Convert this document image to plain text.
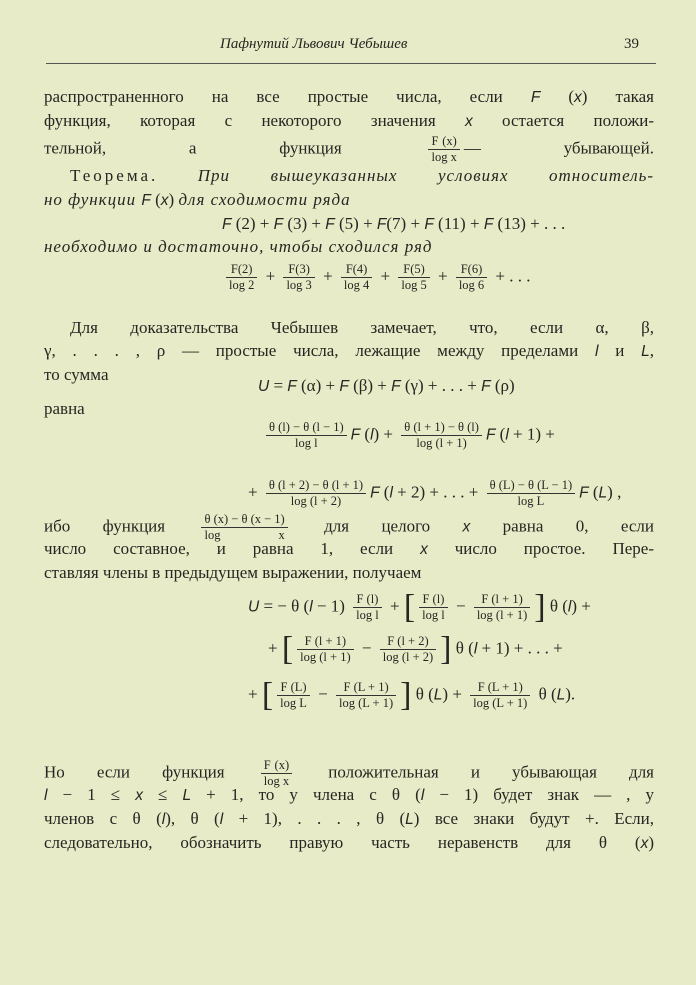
Пафнутий Львович Чебышев	39
распространенного на все простые числа, если F (x) такая
функция, которая с некоторого значения x остается положи-
тельной, а функция $\frac{F (x)}{\text{log x}}$ — убывающей.
Теорема. При вышеуказанных условиях относитель-
но функции F (x) для сходимости ряда
F (2) + F (3) + F (5) + F(7) + F (11) + F (13) + . . .
необходимо и достаточно, чтобы сходился ряд
$\frac{F(2)}{\log 2} + \frac{F(3)}{\log 3} + \frac{F(4)}{\log 4} + \frac{F(5)}{\log 5} + \frac{F(6)}{\log 6}$ + . . .
Для доказательства Чебышев замечает, что, если α, β,
γ, . . . , ρ — простые числа, лежащие между пределами l и L,
то сумма
U = F (α) + F (β) + F (γ) + . . . + F (ρ)
равна
$\frac{\theta (l) - \theta (l - 1)}{\text{log l}}$ F $(l) + \frac{\theta (l + 1) - \theta (l)}{\log (l + 1)}$ F (l + 1) +
+ $\frac{\theta (l + 2) - \theta (l + 1)}{\log (l + 2)}$ F (l + 2) + . . . + $\frac{\theta (L) - \theta (L - 1)}{\text{log L}}$ F (L) ,
ибо функция $\frac{\theta (x) - \theta (x - 1)}{\text{log x}}$ для целого x равна 0, если
число составное, и равна 1, если x число простое. Пере-
ставляя члены в предыдущем выражении, получаем
U = − θ $(l - 1) \frac{F (l)}{\text{log l}}$ + [ $\frac{F (l)}{\text{log l}} - \frac{F (l + 1)}{\log (l + 1)}$ ] θ (l) +
+ [ $\frac{F (l + 1)}{\log (l + 1)} - \frac{F (l + 2)}{\log (l + 2)}$ ] θ (l + 1) + . . . +
+ [ $\frac{F (L)}{\text{log L}} - \frac{F (L + 1)}{\log (L + 1)}$ ] θ $(L) + \frac{F (L + 1)}{\log (L + 1)}$ θ (L).
Но если функция $\frac{F (x)}{\text{log x}}$ положительная и убывающая для
l − 1 ≤ x ≤ L + 1, то у члена с θ (l − 1) будет знак — , у
членов с θ (l), θ (l + 1), . . . , θ (L) все знаки будут +. Если,
следовательно, обозначить правую часть неравенств для θ (x)
